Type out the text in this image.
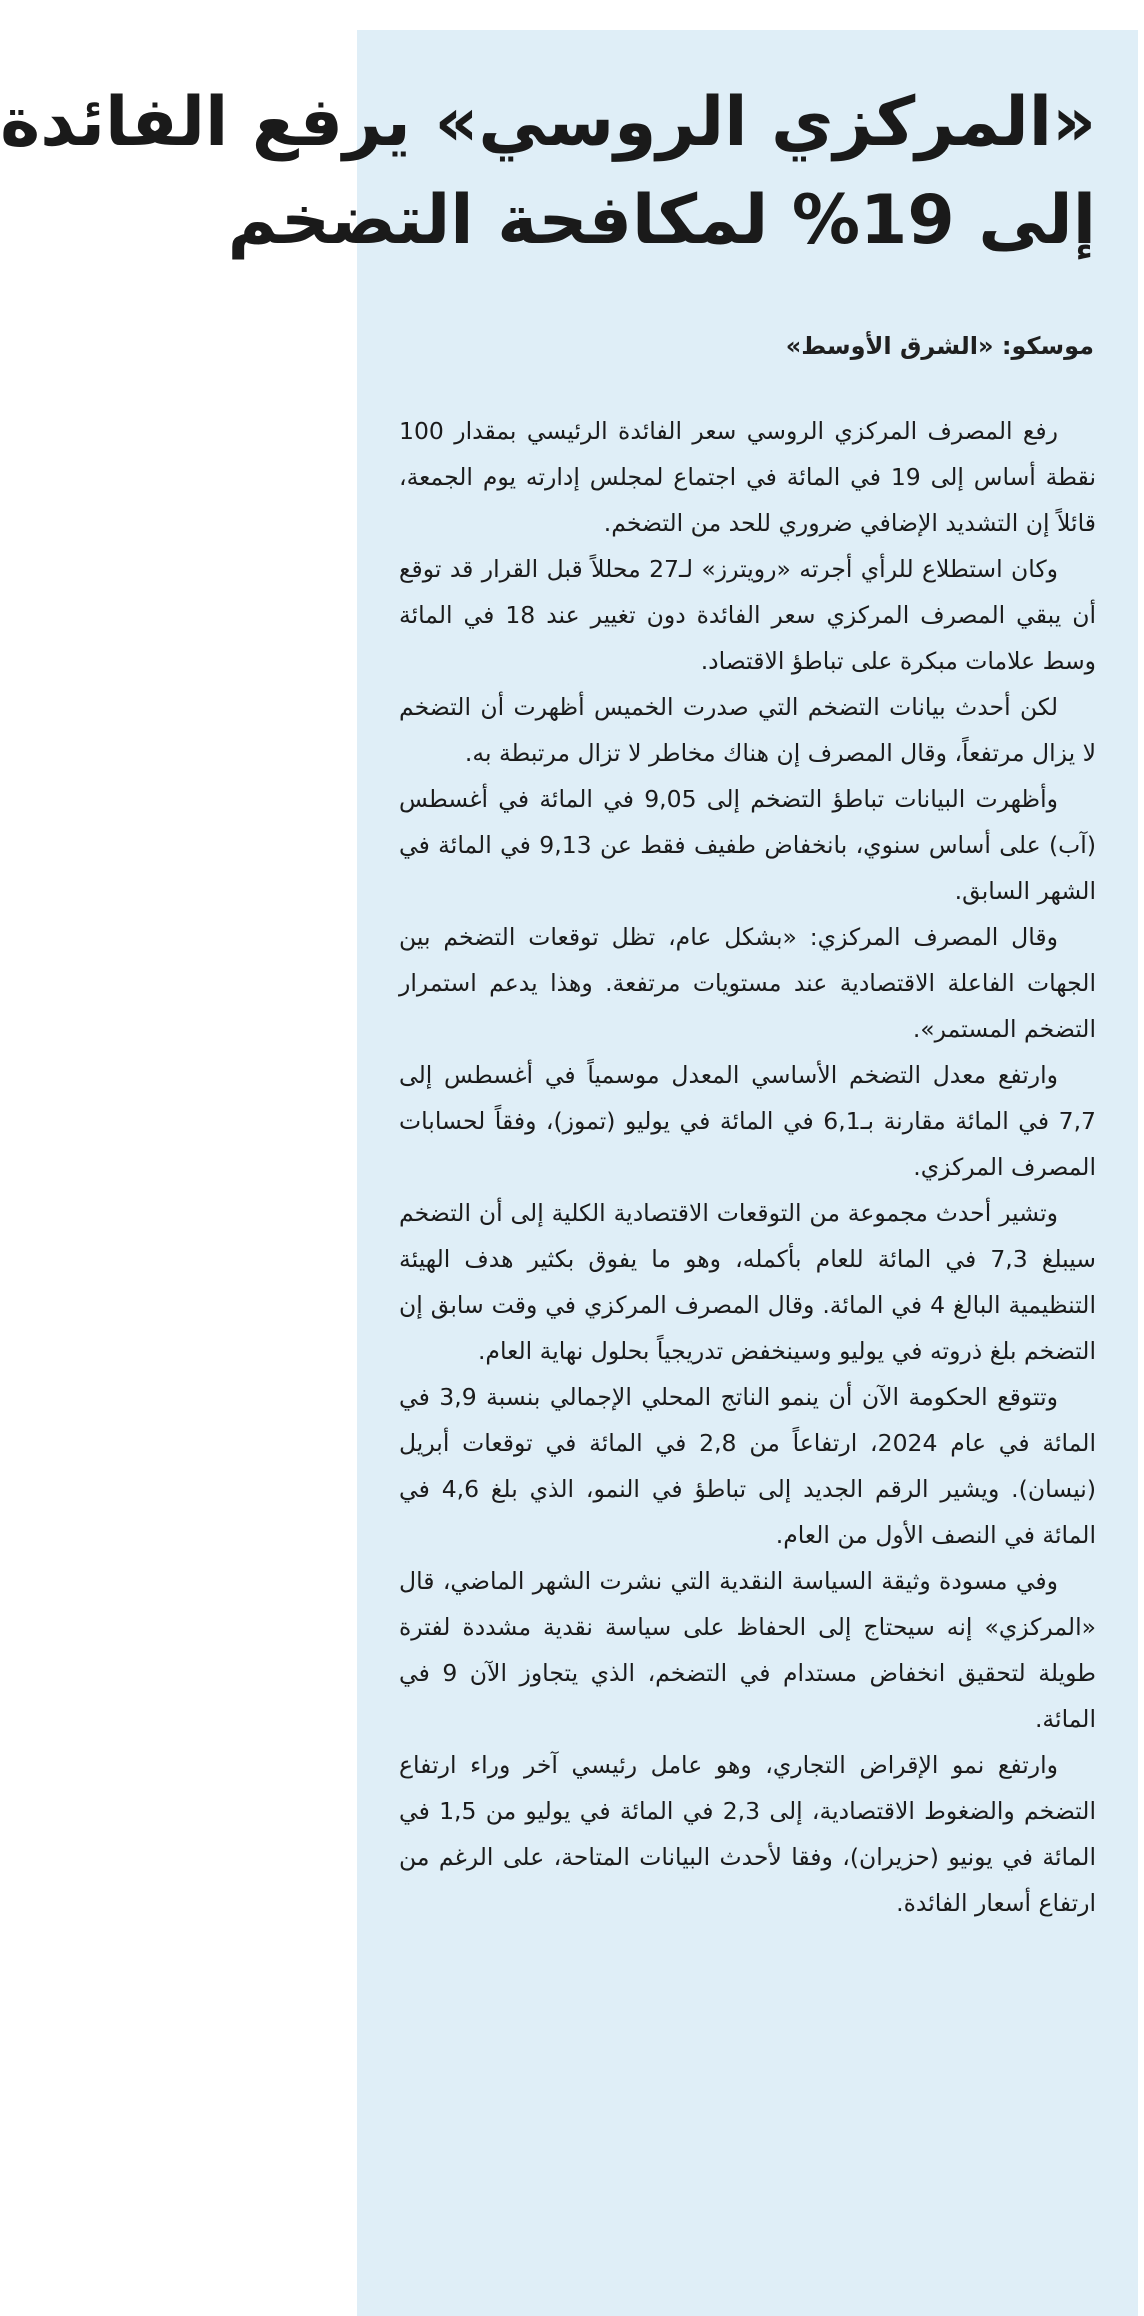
«المركزي الروسي» يرفع الفائدة
إلى 19% لمكافحة التضخم
موسكو: «الشرق الأوسط»

رفع المصرف المركزي الروسي سعر الفائدة الرئيسي بمقدار 100 نقطة أساس إلى 19 في المائة في اجتماع لمجلس إدارته يوم الجمعة، قائلاً إن التشديد الإضافي ضروري للحد من التضخم.

وكان استطلاع للرأي أجرته «رويترز» لـ27 محللاً قبل القرار قد توقع أن يبقي المصرف المركزي سعر الفائدة دون تغيير عند 18 في المائة وسط علامات مبكرة على تباطؤ الاقتصاد.

لكن أحدث بيانات التضخم التي صدرت الخميس أظهرت أن التضخم لا يزال مرتفعاً، وقال المصرف إن هناك مخاطر لا تزال مرتبطة به.

وأظهرت البيانات تباطؤ التضخم إلى 9,05 في المائة في أغسطس (آب) على أساس سنوي، بانخفاض طفيف فقط عن 9,13 في المائة في الشهر السابق.

وقال المصرف المركزي: «بشكل عام، تظل توقعات التضخم بين الجهات الفاعلة الاقتصادية عند مستويات مرتفعة. وهذا يدعم استمرار التضخم المستمر».

وارتفع معدل التضخم الأساسي المعدل موسمياً في أغسطس إلى 7,7 في المائة مقارنة بـ6,1 في المائة في يوليو (تموز)، وفقاً لحسابات المصرف المركزي.

وتشير أحدث مجموعة من التوقعات الاقتصادية الكلية إلى أن التضخم سيبلغ 7,3 في المائة للعام بأكمله، وهو ما يفوق بكثير هدف الهيئة التنظيمية البالغ 4 في المائة. وقال المصرف المركزي في وقت سابق إن التضخم بلغ ذروته في يوليو وسينخفض تدريجياً بحلول نهاية العام.

وتتوقع الحكومة الآن أن ينمو الناتج المحلي الإجمالي بنسبة 3,9 في المائة في عام 2024، ارتفاعاً من 2,8 في المائة في توقعات أبريل (نيسان). ويشير الرقم الجديد إلى تباطؤ في النمو، الذي بلغ 4,6 في المائة في النصف الأول من العام.

وفي مسودة وثيقة السياسة النقدية التي نشرت الشهر الماضي، قال «المركزي» إنه سيحتاج إلى الحفاظ على سياسة نقدية مشددة لفترة طويلة لتحقيق انخفاض مستدام في التضخم، الذي يتجاوز الآن 9 في المائة.

وارتفع نمو الإقراض التجاري، وهو عامل رئيسي آخر وراء ارتفاع التضخم والضغوط الاقتصادية، إلى 2,3 في المائة في يوليو من 1,5 في المائة في يونيو (حزيران)، وفقا لأحدث البيانات المتاحة، على الرغم من ارتفاع أسعار الفائدة.
